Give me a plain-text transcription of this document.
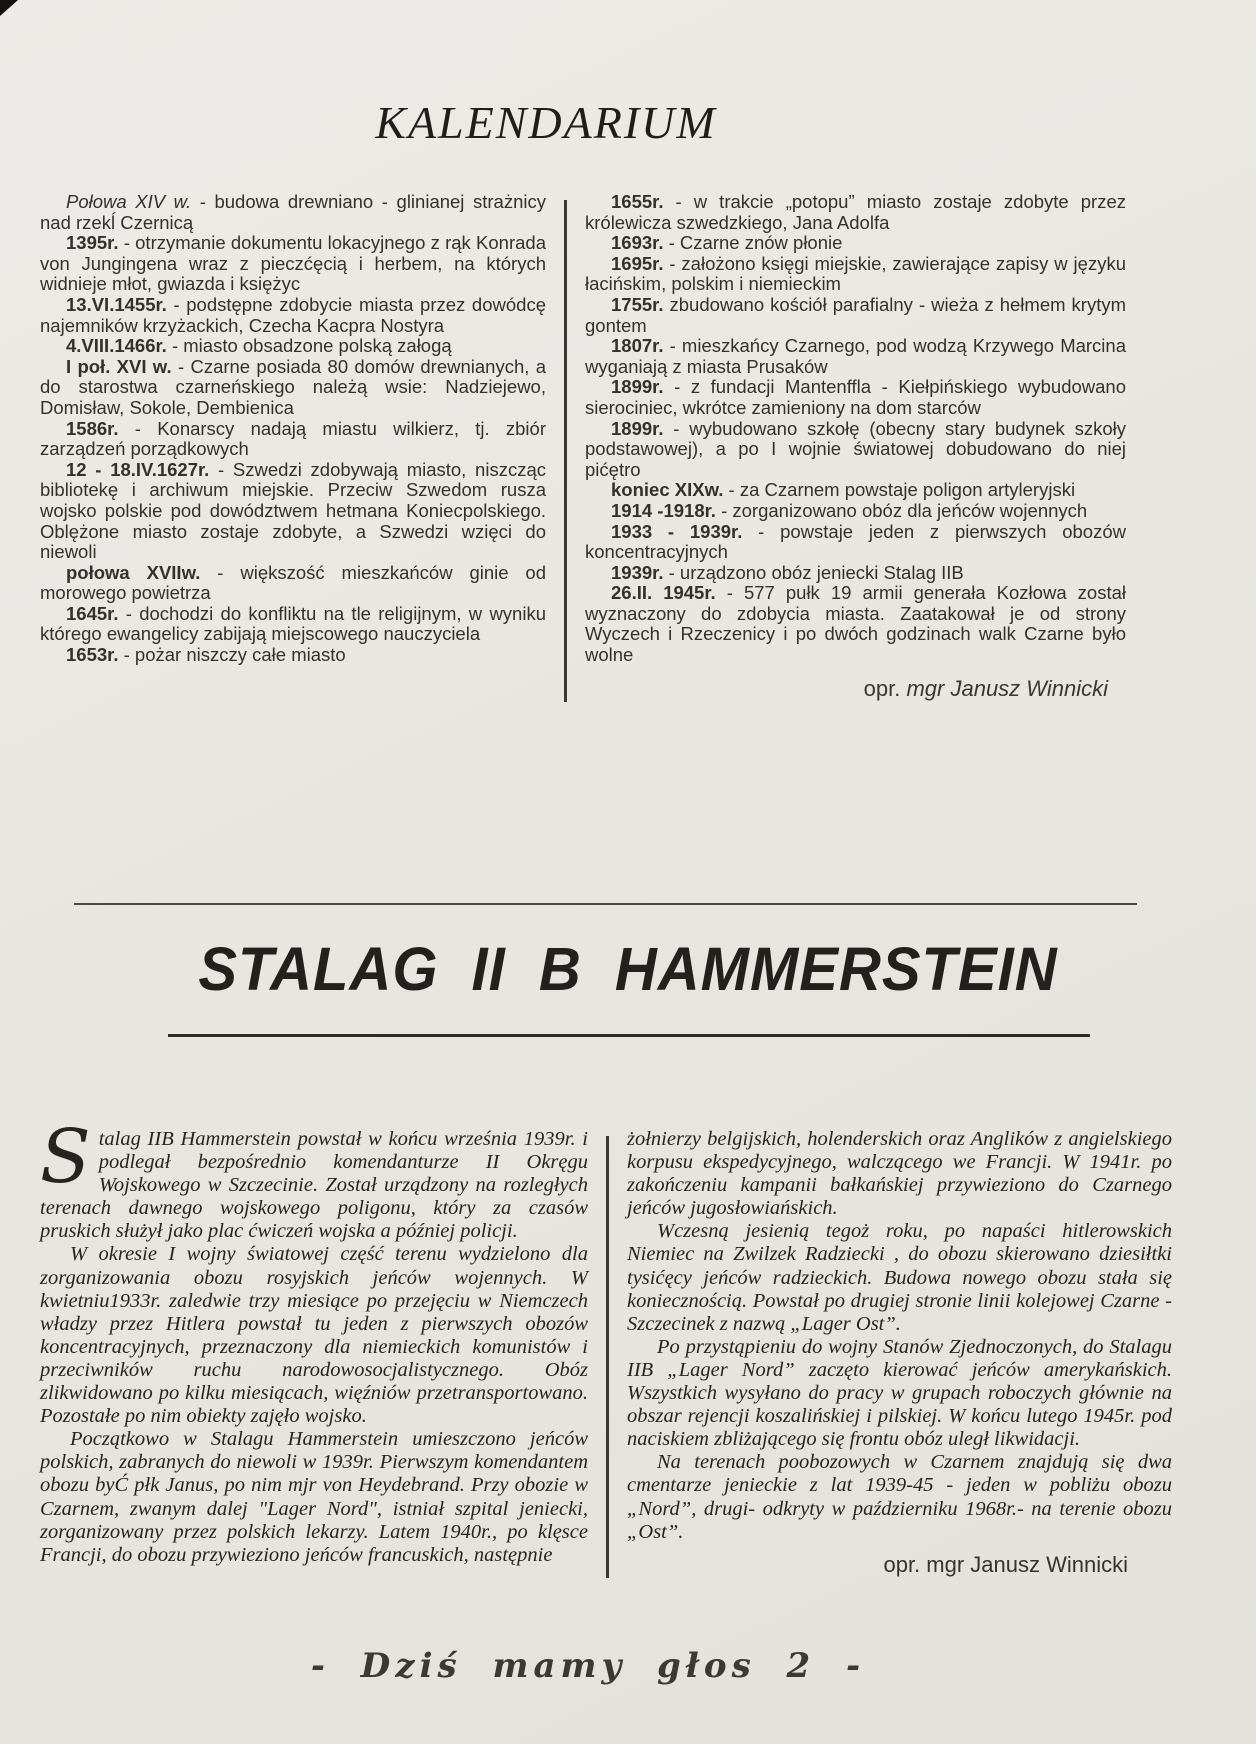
KALENDARIUM

Połowa XIV w. - budowa drewniano - glinianej strażnicy nad rzekĺ Czernicą

1395r. - otrzymanie dokumentu lokacyjnego z rąk Konrada von Jungingena wraz z pieczćęcią i herbem, na których widnieje młot, gwiazda i księżyc

13.VI.1455r. - podstępne zdobycie miasta przez dowódcę najemników krzyżackich, Czecha Kacpra Nostyra

4.VIII.1466r. - miasto obsadzone polską załogą

I poł. XVI w. - Czarne posiada 80 domów drewnianych, a do starostwa czarneńskiego należą wsie: Nadziejewo, Domisław, Sokole, Dembienica

1586r. - Konarscy nadają miastu wilkierz, tj. zbiór zarządzeń porządkowych

12 - 18.IV.1627r. - Szwedzi zdobywają miasto, niszcząc bibliotekę i archiwum miejskie. Przeciw Szwedom rusza wojsko polskie pod dowództwem hetmana Koniecpolskiego. Oblężone miasto zostaje zdobyte, a Szwedzi wzięci do niewoli

połowa XVIIw. - większość mieszkańców ginie od morowego powietrza

1645r. - dochodzi do konfliktu na tle religijnym, w wyniku którego ewangelicy zabijają miejscowego nauczyciela

1653r. - pożar niszczy całe miasto

1655r. - w trakcie „potopu” miasto zostaje zdobyte przez królewicza szwedzkiego, Jana Adolfa

1693r. - Czarne znów płonie

1695r. - założono księgi miejskie, zawierające zapisy w języku łacińskim, polskim i niemieckim

1755r. zbudowano kościół parafialny - wieża z hełmem krytym gontem

1807r. - mieszkańcy Czarnego, pod wodzą Krzywego Marcina wyganiają z miasta Prusaków

1899r. - z fundacji Mantenffla - Kiełpińskiego wybudowano sierociniec, wkrótce zamieniony na dom starców

1899r. - wybudowano szkołę (obecny stary budynek szkoły podstawowej), a po I wojnie światowej dobudowano do niej pićętro

koniec XIXw. - za Czarnem powstaje poligon artyleryjski

1914 -1918r. - zorganizowano obóz dla jeńców wojennych

1933 - 1939r. - powstaje jeden z pierwszych obozów koncentracyjnych

1939r. - urządzono obóz jeniecki Stalag IIB

26.II. 1945r. - 577 pułk 19 armii generała Kozłowa został wyznaczony do zdobycia miasta. Zaatakował je od strony Wyczech i Rzeczenicy i po dwóch godzinach walk Czarne było wolne

opr. mgr Janusz Winnicki

STALAG II B HAMMERSTEIN

Stalag IIB Hammerstein powstał w końcu września 1939r. i podlegał bezpośrednio komendanturze II Okręgu Wojskowego w Szczecinie. Został urządzony na rozległych terenach dawnego wojskowego poligonu, który za czasów pruskich służył jako plac ćwiczeń wojska a później policji.

W okresie I wojny światowej część terenu wydzielono dla zorganizowania obozu rosyjskich jeńców wojennych. W kwietniu1933r. zaledwie trzy miesiące po przejęciu w Niemczech władzy przez Hitlera powstał tu jeden z pierwszych obozów koncentracyjnych, przeznaczony dla niemieckich komunistów i przeciwników ruchu narodowosocjalistycznego. Obóz zlikwidowano po kilku miesiącach, więźniów przetransportowano. Pozostałe po nim obiekty zajęło wojsko.

Początkowo w Stalagu Hammerstein umieszczono jeńców polskich, zabranych do niewoli w 1939r. Pierwszym komendantem obozu byĆ płk Janus, po nim mjr von Heydebrand. Przy obozie w Czarnem, zwanym dalej "Lager Nord", istniał szpital jeniecki, zorganizowany przez polskich lekarzy. Latem 1940r., po klęsce Francji, do obozu przywieziono jeńców francuskich, następnie

żołnierzy belgijskich, holenderskich oraz Anglików z angielskiego korpusu ekspedycyjnego, walczącego we Francji. W 1941r. po zakończeniu kampanii bałkańskiej przywieziono do Czarnego jeńców jugosłowiańskich.

Wczesną jesienią tegoż roku, po napaści hitlerowskich Niemiec na Zwilzek Radziecki , do obozu skierowano dziesiłtki tysićęcy jeńców radzieckich. Budowa nowego obozu stała się koniecznością. Powstał po drugiej stronie linii kolejowej Czarne - Szczecinek z nazwą „Lager Ost”.

Po przystąpieniu do wojny Stanów Zjednoczonych, do Stalagu IIB „Lager Nord” zaczęto kierować jeńców amerykańskich. Wszystkich wysyłano do pracy w grupach roboczych głównie na obszar rejencji koszalińskiej i pilskiej. W końcu lutego 1945r. pod naciskiem zbliżającego się frontu obóz uległ likwidacji.

Na terenach poobozowych w Czarnem znajdują się dwa cmentarze jenieckie z lat 1939-45 - jeden w pobliżu obozu „Nord”, drugi- odkryty w październiku 1968r.- na terenie obozu „Ost”.

opr. mgr Janusz Winnicki

- Dziś mamy głos 2 -
